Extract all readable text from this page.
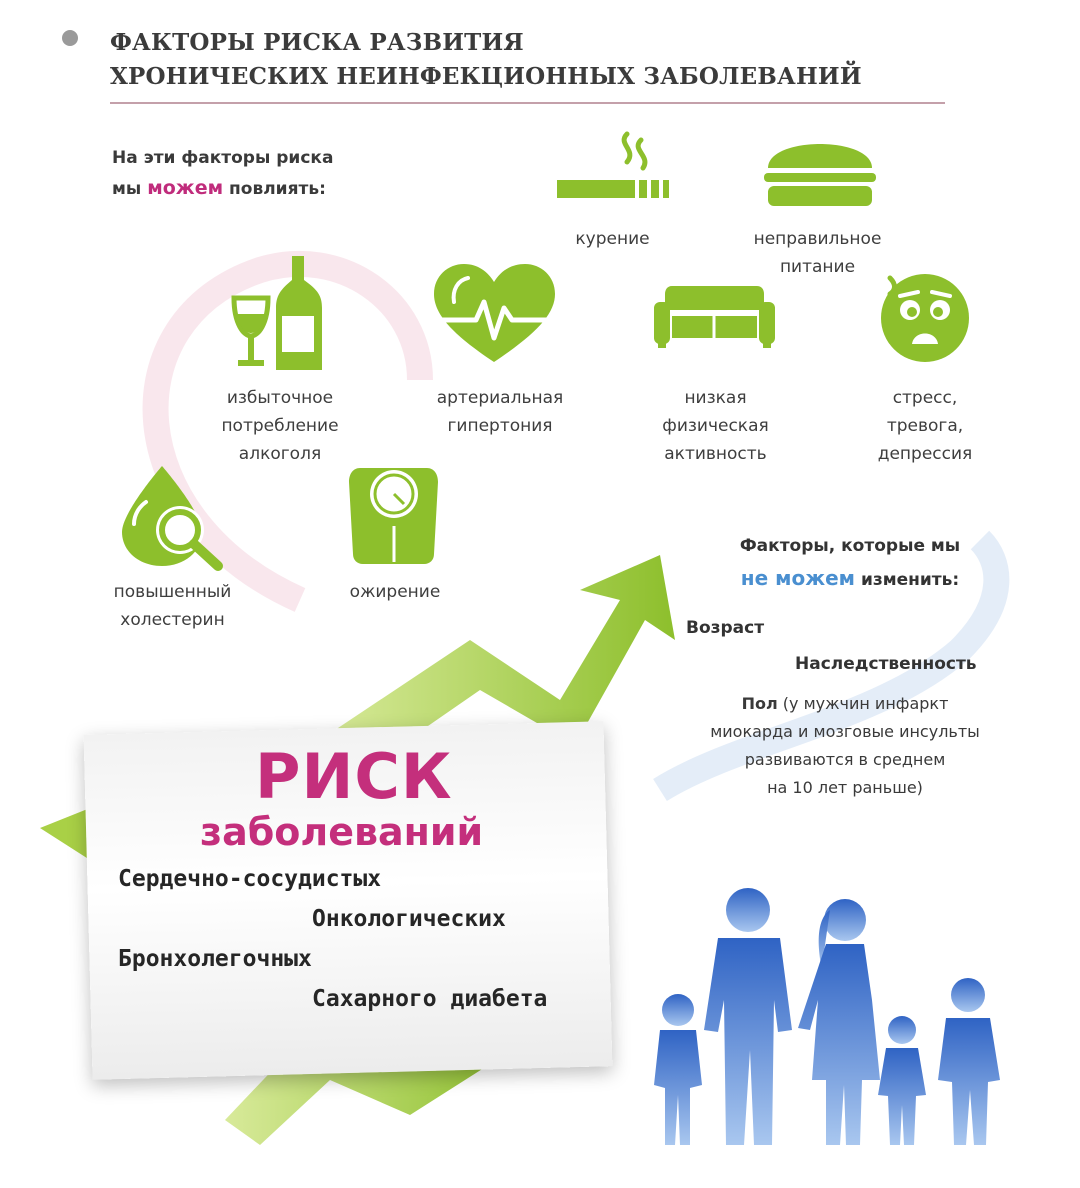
ФАКТОРЫ РИСКА РАЗВИТИЯ
ХРОНИЧЕСКИХ НЕИНФЕКЦИОННЫХ ЗАБОЛЕВАНИЙ
На эти факторы риска
мы можем повлиять:
курение	неправильное
питание
избыточное
потребление
алкоголя
артериальная
гипертония
низкая
физическая
активность
стресс,
тревога,
депрессия
повышенный
холестерин
ожирение
Факторы, которые мы
не можем изменить:
Возраст
Наследственность
Пол (у мужчин инфаркт
миокарда и мозговые инсульты
развиваются в среднем
на 10 лет раньше)
РИСК
заболеваний
Сердечно-сосудистых
Онкологических
Бронхолегочных
Сахарного диабета
